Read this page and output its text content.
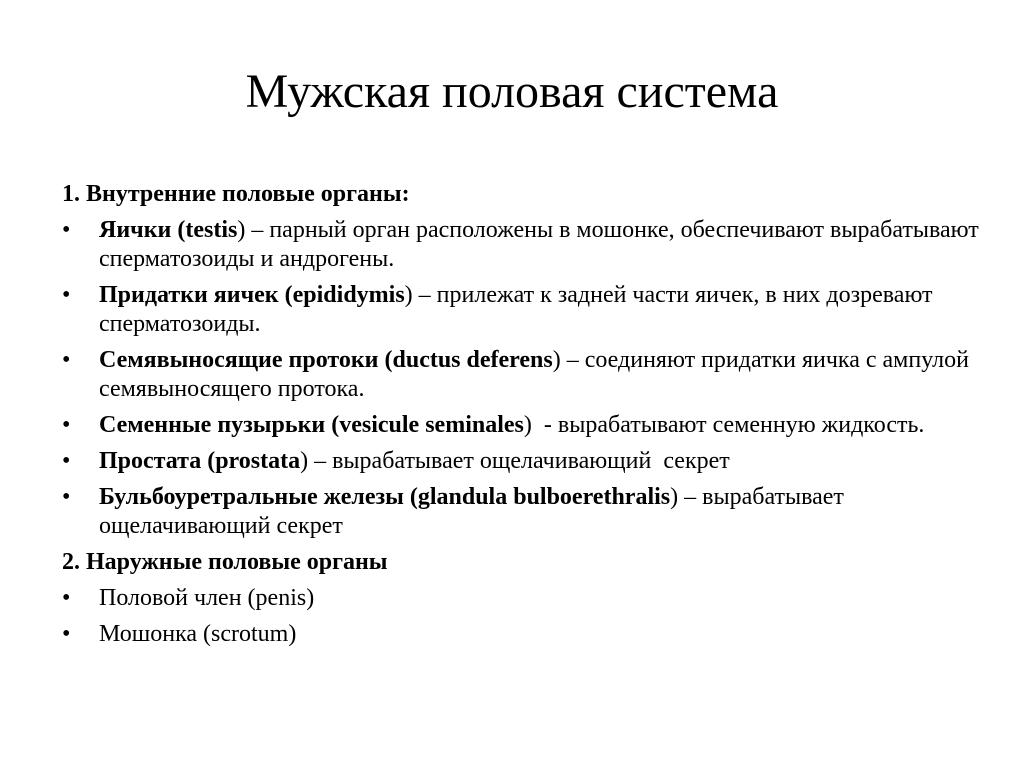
Мужская половая система
1. Внутренние половые органы:
•	Яички (testis) – парный орган расположены в мошонке, обеспечивают вырабатывают сперматозоиды и андрогены.
•	Придатки яичек (epididymis) – прилежат к задней части яичек, в них дозревают сперматозоиды.
•	Семявыносящие протоки (ductus deferens) – соединяют придатки яичка с ампулой семявыносящего протока.
•	Семенные пузырьки (vesicule seminales)  - вырабатывают семенную жидкость.
•	Простата (prostata) – вырабатывает ощелачивающий  секрет
•	Бульбоуретральные железы (glandula bulboerethralis) – вырабатывает ощелачивающий секрет
2. Наружные половые органы
•	Половой член (penis)
•	Мошонка (scrotum)
